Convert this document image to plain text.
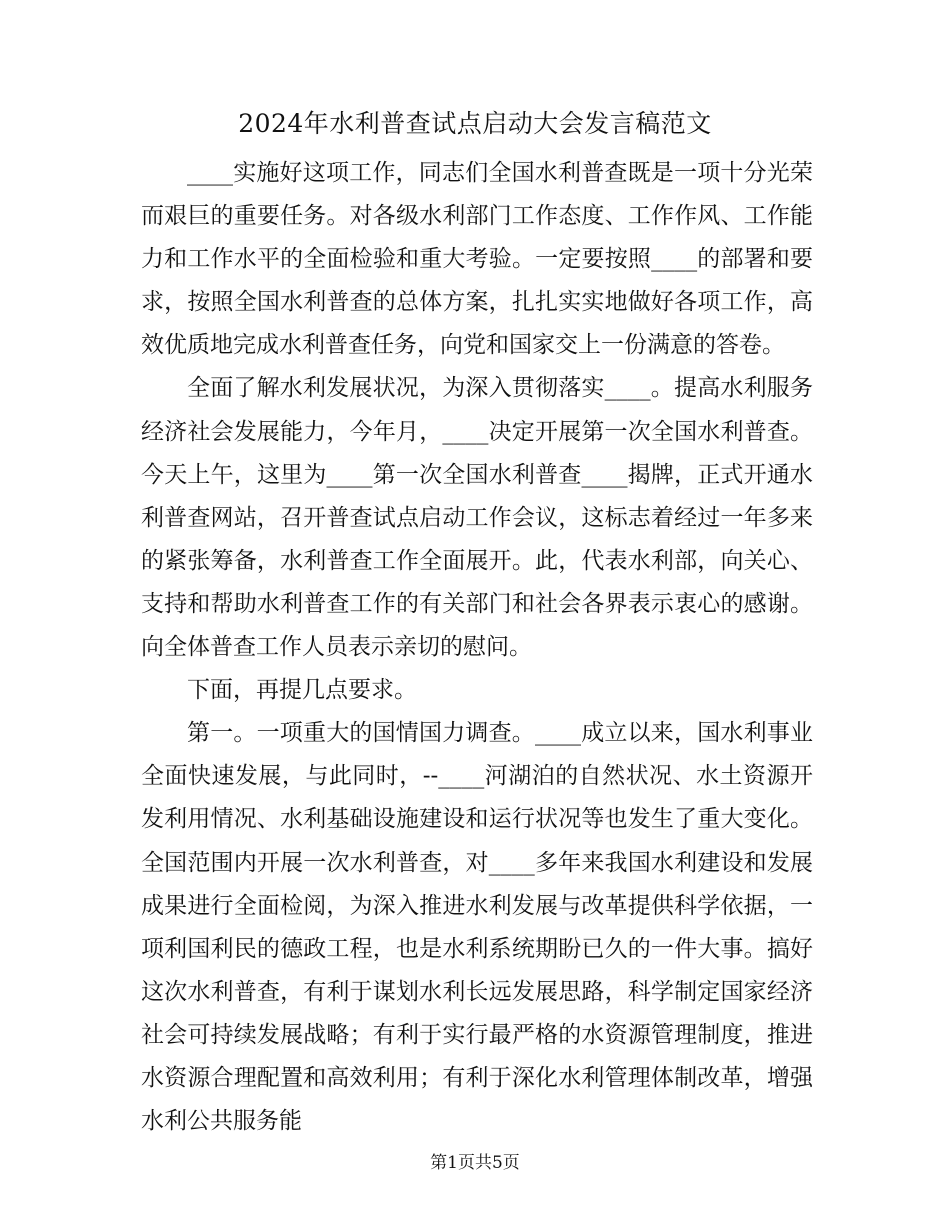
2024年水利普查试点启动大会发言稿范文

____实施好这项工作，同志们全国水利普查既是一项十分光荣而艰巨的重要任务。对各级水利部门工作态度、工作作风、工作能力和工作水平的全面检验和重大考验。一定要按照____的部署和要求，按照全国水利普查的总体方案，扎扎实实地做好各项工作，高效优质地完成水利普查任务，向党和国家交上一份满意的答卷。

全面了解水利发展状况，为深入贯彻落实____。提高水利服务经济社会发展能力，今年月，____决定开展第一次全国水利普查。今天上午，这里为____第一次全国水利普查____揭牌，正式开通水利普查网站，召开普查试点启动工作会议，这标志着经过一年多来的紧张筹备，水利普查工作全面展开。此，代表水利部，向关心、支持和帮助水利普查工作的有关部门和社会各界表示衷心的感谢。向全体普查工作人员表示亲切的慰问。

下面，再提几点要求。

第一。一项重大的国情国力调查。____成立以来，国水利事业全面快速发展，与此同时，--____河湖泊的自然状况、水土资源开发利用情况、水利基础设施建设和运行状况等也发生了重大变化。全国范围内开展一次水利普查，对____多年来我国水利建设和发展成果进行全面检阅，为深入推进水利发展与改革提供科学依据，一项利国利民的德政工程，也是水利系统期盼已久的一件大事。搞好这次水利普查，有利于谋划水利长远发展思路，科学制定国家经济社会可持续发展战略；有利于实行最严格的水资源管理制度，推进水资源合理配置和高效利用；有利于深化水利管理体制改革，增强水利公共服务能

第1页共5页
